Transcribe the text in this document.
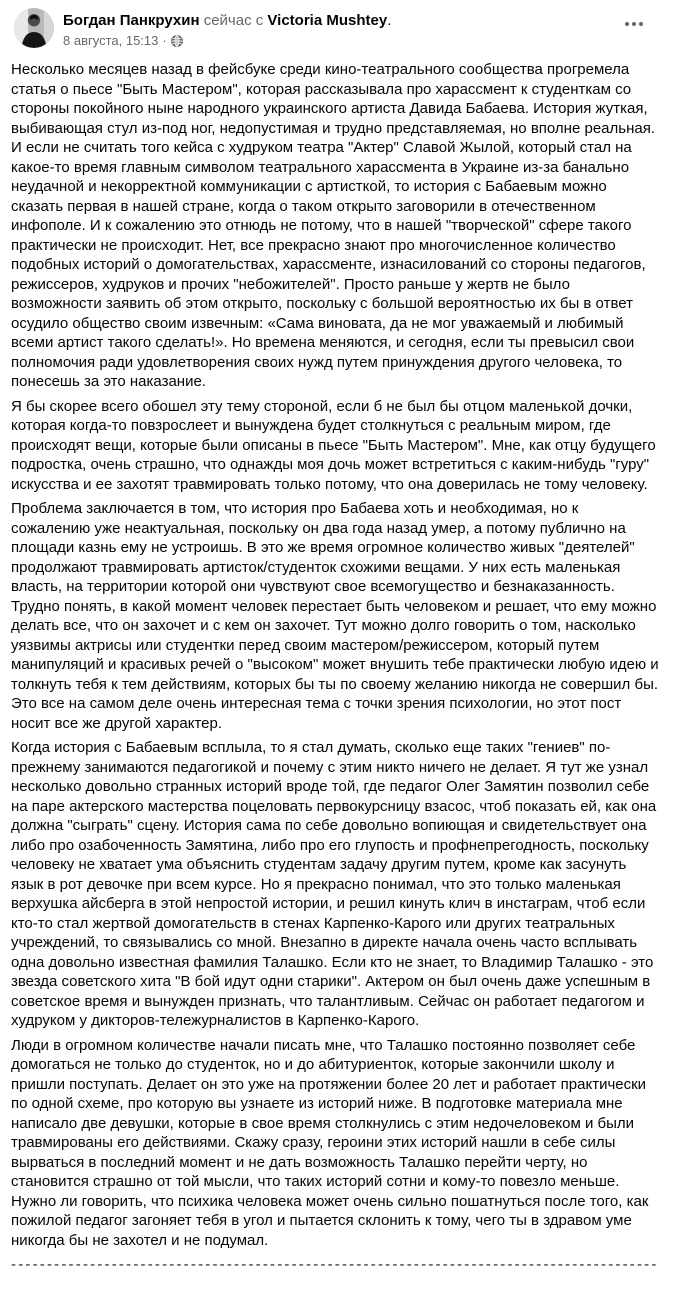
Богдан Панкрухин сейчас с Victoria Mushtey.
8 августа, 15:13 ·

Несколько месяцев назад в фейсбуке среди кино-театрального сообщества прогремела статья о пьесе "Быть Мастером", которая рассказывала про харассмент к студенткам со стороны покойного ныне народного украинского артиста Давида Бабаева. История жуткая, выбивающая стул из-под ног, недопустимая и трудно представляемая, но вполне реальная. И если не считать того кейса с худруком театра "Актер" Славой Жылой, который стал на какое-то время главным символом театрального харассмента в Украине из-за банально неудачной и некорректной коммуникации с артисткой, то история с Бабаевым можно сказать первая в нашей стране, когда о таком открыто заговорили в отечественном инфополе. И к сожалению это отнюдь не потому, что в нашей "творческой" сфере такого практически не происходит. Нет, все прекрасно знают про многочисленное количество подобных историй о домогательствах, харассменте, изнасилований со стороны педагогов, режиссеров, худруков и прочих "небожителей". Просто раньше у жертв не было возможности заявить об этом открыто, поскольку с большой вероятностью их бы в ответ осудило общество своим извечным: «Сама виновата, да не мог уважаемый и любимый всеми артист такого сделать!». Но времена меняются, и сегодня, если ты превысил свои полномочия ради удовлетворения своих нужд путем принуждения другого человека, то понесешь за это наказание.

Я бы скорее всего обошел эту тему стороной, если б не был бы отцом маленькой дочки, которая когда-то повзрослеет и вынуждена будет столкнуться с реальным миром, где происходят вещи, которые были описаны в пьесе "Быть Мастером". Мне, как отцу будущего подростка, очень страшно, что однажды моя дочь может встретиться с каким-нибудь "гуру" искусства и ее захотят травмировать только потому, что она доверилась не тому человеку.

Проблема заключается в том, что история про Бабаева хоть и необходимая, но к сожалению уже неактуальная, поскольку он два года назад умер, а потому публично на площади казнь ему не устроишь. В это же время огромное количество живых "деятелей" продолжают травмировать артисток/студенток схожими вещами. У них есть маленькая власть, на территории которой они чувствуют свое всемогущество и безнаказанность. Трудно понять, в какой момент человек перестает быть человеком и решает, что ему можно делать все, что он захочет и с кем он захочет. Тут можно долго говорить о том, насколько уязвимы актрисы или студентки перед своим мастером/режиссером, который путем манипуляций и красивых речей о "высоком" может внушить тебе практически любую идею и толкнуть тебя к тем действиям, которых бы ты по своему желанию никогда не совершил бы. Это все на самом деле очень интересная тема с точки зрения психологии, но этот пост носит все же другой характер.

Когда история с Бабаевым всплыла, то я стал думать, сколько еще таких "гениев" по-прежнему занимаются педагогикой и почему с этим никто ничего не делает. Я тут же узнал несколько довольно странных историй вроде той, где педагог Олег Замятин позволил себе на паре актерского мастерства поцеловать первокурсницу взасос, чтоб показать ей, как она должна "сыграть" сцену. История сама по себе довольно вопиющая и свидетельствует она либо про озабоченность Замятина, либо про его глупость и профнепрегодность, поскольку человеку не хватает ума объяснить студентам задачу другим путем, кроме как засунуть язык в рот девочке при всем курсе. Но я прекрасно понимал, что это только маленькая верхушка айсберга в этой непростой истории, и решил кинуть клич в инстаграм, чтоб если кто-то стал жертвой домогательств в стенах Карпенко-Карого или других театральных учреждений, то связывались со мной. Внезапно в директе начала очень часто всплывать одна довольно известная фамилия Талашко. Если кто не знает, то Владимир Талашко - это звезда советского хита "В бой идут одни старики". Актером он был очень даже успешным в советское время и вынужден признать, что талантливым. Сейчас он работает педагогом и худруком у дикторов-тележурналистов в Карпенко-Карого.

Люди в огромном количестве начали писать мне, что Талашко постоянно позволяет себе домогаться не только до студенток, но и до абитуриенток, которые закончили школу и пришли поступать. Делает он это уже на протяжении более 20 лет и работает практически по одной схеме, про которую вы узнаете из историй ниже. В подготовке материала мне написало две девушки, которые в свое время столкнулись с этим недочеловеком и были травмированы его действиями. Скажу сразу, героини этих историй нашли в себе силы вырваться в последний момент и не дать возможность Талашко перейти черту, но становится страшно от той мысли, что таких историй сотни и кому-то повезло меньше. Нужно ли говорить, что психика человека может очень сильно пошатнуться после того, как пожилой педагог загоняет тебя в угол и пытается склонить к тому, чего ты в здравом уме никогда бы не захотел и не подумал.

------------------------------------------------------------------------------------------
